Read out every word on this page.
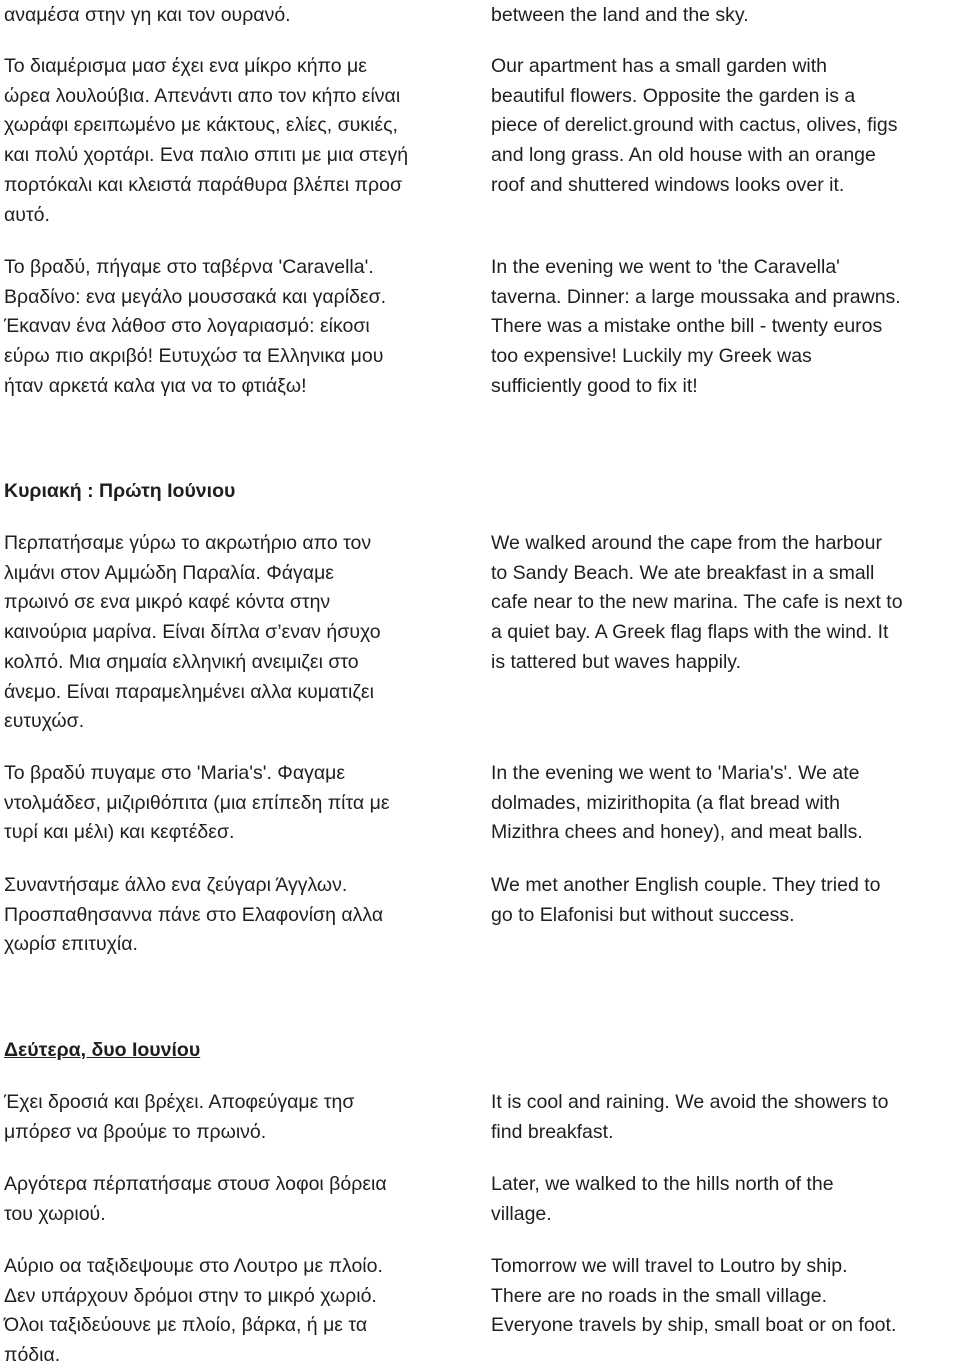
αναμέσα στην γη και τον ουρανό.	between the land and the sky.

Το διαμέρισμα μασ έχει ενα μίκρο κήπο με
ώρεα λουλούβια. Απενάντι απο τον κήπο είναι
χωράφι ερειπωμένο με κάκτους, ελίες, συκιές,
και πολύ χορτάρι. Ενα παλιο σπιτι με μια στεγή
πορτόκαλι και κλειστά παράθυρα βλέπει προσ
αυτό.

Our apartment has a small garden with
beautiful flowers. Opposite the garden is a
piece of derelict.ground with cactus, olives, figs
and long grass. An old house with an orange
roof and shuttered windows looks over it.

Το βραδύ, πήγαμε στο ταβέρνα 'Caravella'.
Βραδίνο: ενα μεγάλο μουσσακά και γαρίδεσ.
Έκαναν ένα λάθοσ στο λογαριασμό: είκοσι
εύρω πιο ακριβό! Ευτυχώσ τα Ελληνικα μου
ήταν αρκετά καλα για να το φτιάξω!

In the evening we went to 'the Caravella'
taverna. Dinner: a large moussaka and prawns.
There was a mistake onthe bill - twenty euros
too expensive! Luckily my Greek was
sufficiently good to fix it!

Κυριακή : Πρώτη Ιούνιου

Περπατήσαμε γύρω το ακρωτήριο απο τον
λιμάνι στον Αμμώδη Παραλία. Φάγαμε
πρωινό σε ενα μικρό καφέ κόντα στην
καινούρια μαρίνα. Είναι δίπλα σ’εναν ήσυχο
κολπό. Μια σημαία ελληνική ανειμιζει στο
άνεμο. Είναι παραμελημένει αλλα κυματιζει
ευτυχώσ.

We walked around the cape from the harbour
to Sandy Beach. We ate breakfast in a small
cafe near to the new marina. The cafe is next to
a quiet bay. A Greek flag flaps with the wind. It
is tattered but waves happily.

Το βραδύ πυγαμε στο 'Maria's'. Φαγαμε
ντολμάδεσ, μιζιριθόπιτα (μια επίπεδη πίτα με
τυρί και μέλι) και κεφτέδεσ.

In the evening we went to 'Maria's'. We ate
dolmades, mizirithopita (a flat bread with
Mizithra chees and honey), and meat balls.

Συναντήσαμε άλλο ενα ζεύγαρι Άγγλων.
Προσπαθησαννα πάνε στο Ελαφονίση αλλα
χωρίσ επιτυχία.

We met another English couple. They tried to
go to Elafonisi but without success.

Δεύτερα, δυο Ιουνίου

Έχει δροσιά και βρέχει. Αποφεύγαμε τησ
μπόρεσ να βρούμε το πρωινό.

It is cool and raining. We avoid the showers to
find breakfast.

Αργότερα πέρπατήσαμε στουσ λοφοι βόρεια
του χωριού.

Later, we walked to the hills north of the
village.

Αύριο οα ταξιδεψουμε στο Λουτρο με πλοίο.
Δεν υπάρχουν δρόμοι στην το μικρό χωριό.
Όλοι ταξιδεύουνε με πλοίο, βάρκα, ή με τα
πόδια.

Tomorrow we will travel to Loutro by ship.
There are no roads in the small village.
Everyone travels by ship, small boat or on foot.
